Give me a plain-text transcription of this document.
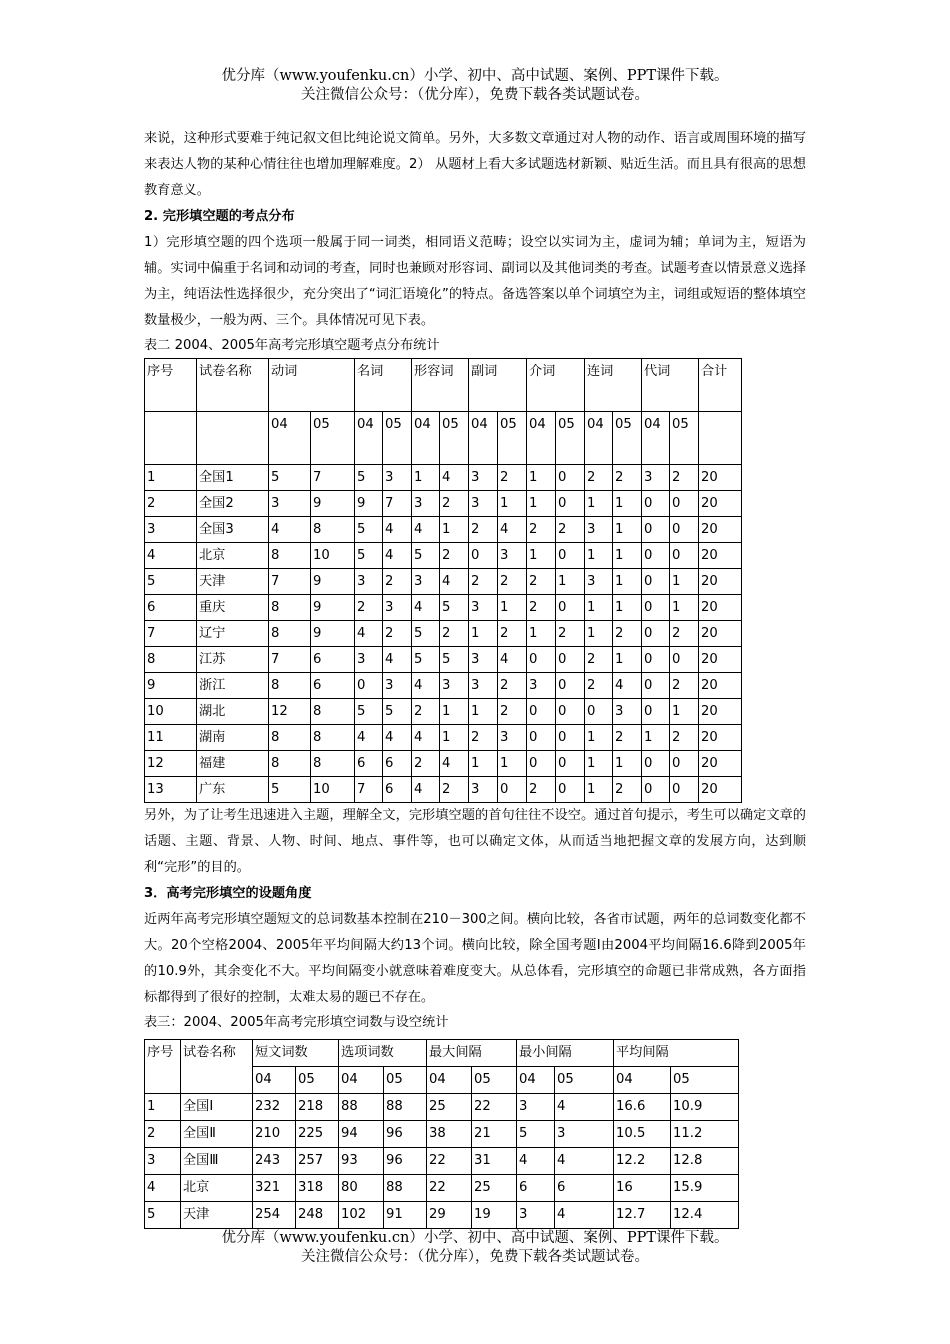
优分库（www.youfenku.cn）小学、初中、高中试题、案例、PPT课件下载。
关注微信公众号：（优分库），免费下载各类试题试卷。

来说，这种形式要难于纯记叙文但比纯论说文简单。另外，大多数文章通过对人物的动作、语言或周围环境的描写来表达人物的某种心情往往也增加理解难度。2） 从题材上看大多试题选材新颖、贴近生活。而且具有很高的思想教育意义。

2. 完形填空题的考点分布

1）完形填空题的四个选项一般属于同一词类，相同语义范畴；设空以实词为主，虚词为辅；单词为主，短语为辅。实词中偏重于名词和动词的考查，同时也兼顾对形容词、副词以及其他词类的考查。试题考查以情景意义选择为主，纯语法性选择很少，充分突出了“词汇语境化”的特点。备选答案以单个词填空为主，词组或短语的整体填空数量极少，一般为两、三个。具体情况可见下表。

表二 2004、2005年高考完形填空题考点分布统计

序号	试卷名称	动词		名词		形容词		副词		介词		连词		代词		合计
		04	05	04	05	04	05	04	05	04	05	04	05	04	05	
1	全国1	5	7	5	3	1	4	3	2	1	0	2	2	3	2	20
2	全国2	3	9	9	7	3	2	3	1	1	0	1	1	0	0	20
3	全国3	4	8	5	4	4	1	2	4	2	2	3	1	0	0	20
4	北京	8	10	5	4	5	2	0	3	1	0	1	1	0	0	20
5	天津	7	9	3	2	3	4	2	2	2	1	3	1	0	1	20
6	重庆	8	9	2	3	4	5	3	1	2	0	1	1	0	1	20
7	辽宁	8	9	4	2	5	2	1	2	1	2	1	2	0	2	20
8	江苏	7	6	3	4	5	5	3	4	0	0	2	1	0	0	20
9	浙江	8	6	0	3	4	3	3	2	3	0	2	4	0	2	20
10	湖北	12	8	5	5	2	1	1	2	0	0	0	3	0	1	20
11	湖南	8	8	4	4	4	1	2	3	0	0	1	2	1	2	20
12	福建	8	8	6	6	2	4	1	1	0	0	1	1	0	0	20
13	广东	5	10	7	6	4	2	3	0	2	0	1	2	0	0	20

另外，为了让考生迅速进入主题，理解全文，完形填空题的首句往往不设空。通过首句提示，考生可以确定文章的话题、主题、背景、人物、时间、地点、事件等，也可以确定文体，从而适当地把握文章的发展方向，达到顺利“完形”的目的。

3．高考完形填空的设题角度

近两年高考完形填空题短文的总词数基本控制在210－300之间。横向比较，各省市试题，两年的总词数变化都不大。20个空格2004、2005年平均间隔大约13个词。横向比较，除全国考题Ⅰ由2004平均间隔16.6降到2005年的10.9外，其余变化不大。平均间隔变小就意味着难度变大。从总体看，完形填空的命题已非常成熟，各方面指标都得到了很好的控制，太难太易的题已不存在。

表三：2004、2005年高考完形填空词数与设空统计

序号	试卷名称	短文词数		选项词数		最大间隔		最小间隔		平均间隔	
		04	05	04	05	04	05	04	05	04	05
1	全国Ⅰ	232	218	88	88	25	22	3	4	16.6	10.9
2	全国Ⅱ	210	225	94	96	38	21	5	3	10.5	11.2
3	全国Ⅲ	243	257	93	96	22	31	4	4	12.2	12.8
4	北京	321	318	80	88	22	25	6	6	16	15.9
5	天津	254	248	102	91	29	19	3	4	12.7	12.4
优分库（www.youfenku.cn）小学、初中、高中试题、案例、PPT课件下载。
关注微信公众号：（优分库），免费下载各类试题试卷。
